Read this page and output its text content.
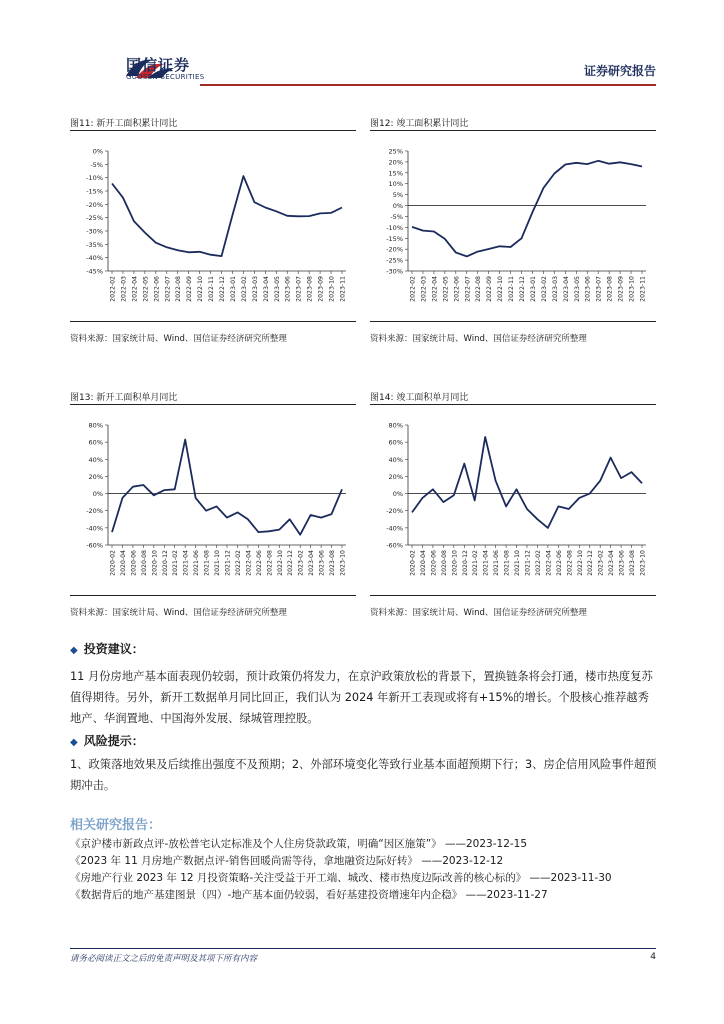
国信证券
GUOSEN SECURITIES	证券研究报告
图11: 新开工面积累计同比
0%
-5%
-10%
-15%
-20%
-25%
-30%
-35%
-40%
-45%
2022-02 2022-03 2022-04 2022-05 2022-06 2022-07 2022-08 2022-09 2022-10 2022-11 2022-12 2023-01 2023-02 2023-03 2023-04 2023-05 2023-06 2023-07 2023-08 2023-09 2023-10 2023-11
资料来源：国家统计局、Wind、国信证券经济研究所整理
图12: 竣工面积累计同比
25%
20%
15%
10%
5%
0%
-5%
-10%
-15%
-20%
-25%
-30%
2022-02 2022-03 2022-04 2022-05 2022-06 2022-07 2022-08 2022-09 2022-10 2022-11 2022-12 2023-01 2023-02 2023-03 2023-04 2023-05 2023-06 2023-07 2023-08 2023-09 2023-10 2023-11
资料来源：国家统计局、Wind、国信证券经济研究所整理
图13: 新开工面积单月同比
80%
60%
40%
20%
0%
-20%
-40%
-60%
2020-02 2020-04 2020-06 2020-08 2020-10 2020-12 2021-02 2021-04 2021-06 2021-08 2021-10 2021-12 2022-02 2022-04 2022-06 2022-08 2022-10 2022-12 2023-02 2023-04 2023-06 2023-08 2023-10
资料来源：国家统计局、Wind、国信证券经济研究所整理
图14: 竣工面积单月同比
80%
60%
40%
20%
0%
-20%
-40%
-60%
2020-02 2020-04 2020-06 2020-08 2020-10 2020-12 2021-02 2021-04 2021-06 2021-08 2021-10 2021-12 2022-02 2022-04 2022-06 2022-08 2022-10 2022-12 2023-02 2023-04 2023-06 2023-08 2023-10
资料来源：国家统计局、Wind、国信证券经济研究所整理
◆ 投资建议：
11 月份房地产基本面表现仍较弱，预计政策仍将发力，在京沪政策放松的背景下，置换链条将会打通，楼市热度复苏值得期待。另外，新开工数据单月同比回正，我们认为 2024 年新开工表现或将有+15%的增长。个股核心推荐越秀地产、华润置地、中国海外发展、绿城管理控股。
◆ 风险提示：
1、政策落地效果及后续推出强度不及预期；2、外部环境变化等致行业基本面超预期下行；3、房企信用风险事件超预期冲击。
相关研究报告：
《京沪楼市新政点评-放松普宅认定标准及个人住房贷款政策，明确“因区施策”》 ——2023-12-15
《2023 年 11 月房地产数据点评-销售回暖尚需等待，拿地融资边际好转》 ——2023-12-12
《房地产行业 2023 年 12 月投资策略-关注受益于开工端、城改、楼市热度边际改善的核心标的》 ——2023-11-30
《数据背后的地产基建图景（四）-地产基本面仍较弱，看好基建投资增速年内企稳》 ——2023-11-27
请务必阅读正文之后的免责声明及其项下所有内容	4
